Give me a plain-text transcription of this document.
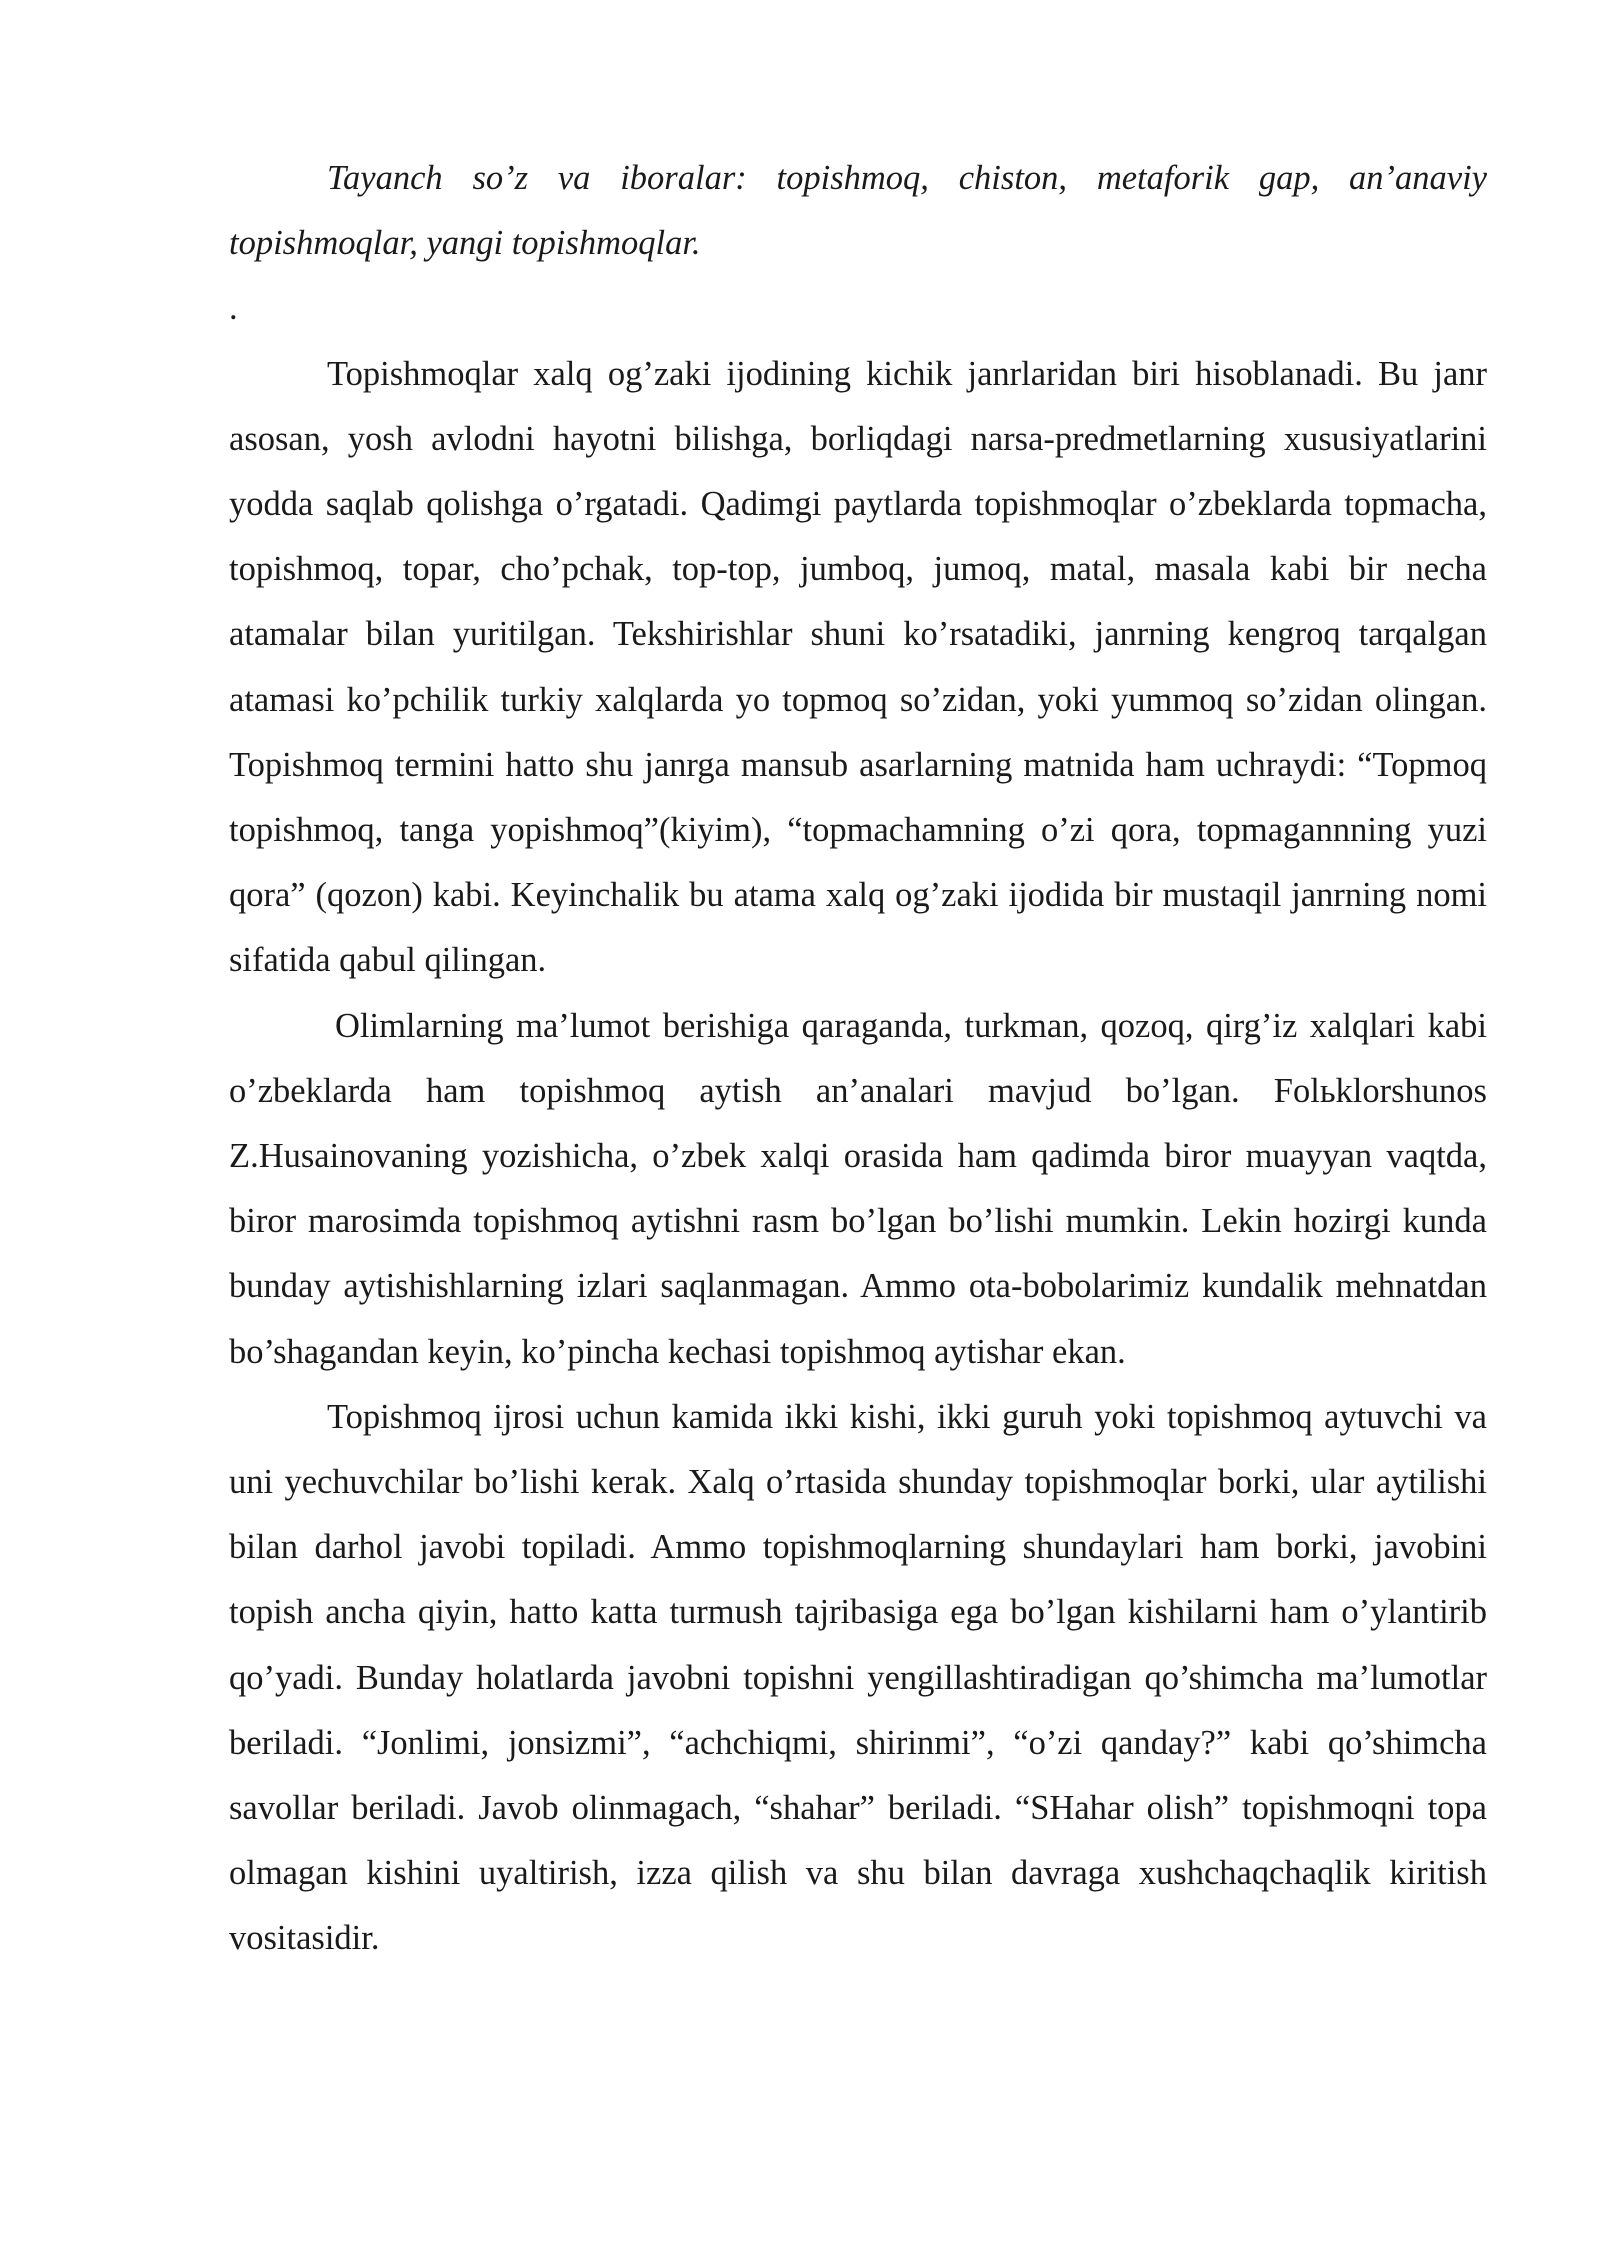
Tayanch so’z va iboralar: topishmoq, chiston, metaforik gap, an’anaviy topishmoqlar, yangi topishmoqlar.

.

Topishmoqlar xalq og’zaki ijodining kichik janrlaridan biri hisoblanadi. Bu janr asosan, yosh avlodni hayotni bilishga, borliqdagi narsa-predmetlarning xususiyatlarini yodda saqlab qolishga o’rgatadi. Qadimgi paytlarda topishmoqlar o’zbeklarda topmacha, topishmoq, topar, cho’pchak, top-top, jumboq, jumoq, matal, masala kabi bir necha atamalar bilan yuritilgan. Tekshirishlar shuni ko’rsatadiki, janrning kengroq tarqalgan atamasi ko’pchilik turkiy xalqlarda yo topmoq so’zidan, yoki yummoq so’zidan olingan. Topishmoq termini hatto shu janrga mansub asarlarning matnida ham uchraydi: “Topmoq topishmoq, tanga yopishmoq”(kiyim), “topmachamning o’zi qora, topmagannning yuzi qora” (qozon) kabi. Keyinchalik bu atama xalq og’zaki ijodida bir mustaqil janrning nomi sifatida qabul qilingan.

Olimlarning ma’lumot berishiga qaraganda, turkman, qozoq, qirg’iz xalqlari kabi o’zbeklarda ham topishmoq aytish an’analari mavjud bo’lgan. Folьklorshunos Z.Husainovaning yozishicha, o’zbek xalqi orasida ham qadimda biror muayyan vaqtda, biror marosimda topishmoq aytishni rasm bo’lgan bo’lishi mumkin. Lekin hozirgi kunda bunday aytishishlarning izlari saqlanmagan. Ammo ota-bobolarimiz kundalik mehnatdan bo’shagandan keyin, ko’pincha kechasi topishmoq aytishar ekan.

Topishmoq ijrosi uchun kamida ikki kishi, ikki guruh yoki topishmoq aytuvchi va uni yechuvchilar bo’lishi kerak. Xalq o’rtasida shunday topishmoqlar borki, ular aytilishi bilan darhol javobi topiladi. Ammo topishmoqlarning shundaylari ham borki, javobini topish ancha qiyin, hatto katta turmush tajribasiga ega bo’lgan kishilarni ham o’ylantirib qo’yadi. Bunday holatlarda javobni topishni yengillashtiradigan qo’shimcha ma’lumotlar beriladi. “Jonlimi, jonsizmi”, “achchiqmi, shirinmi”, “o’zi qanday?” kabi qo’shimcha savollar beriladi. Javob olinmagach, “shahar” beriladi. “SHahar olish” topishmoqni topa olmagan kishini uyaltirish, izza qilish va shu bilan davraga xushchaqchaqlik kiritish vositasidir.
